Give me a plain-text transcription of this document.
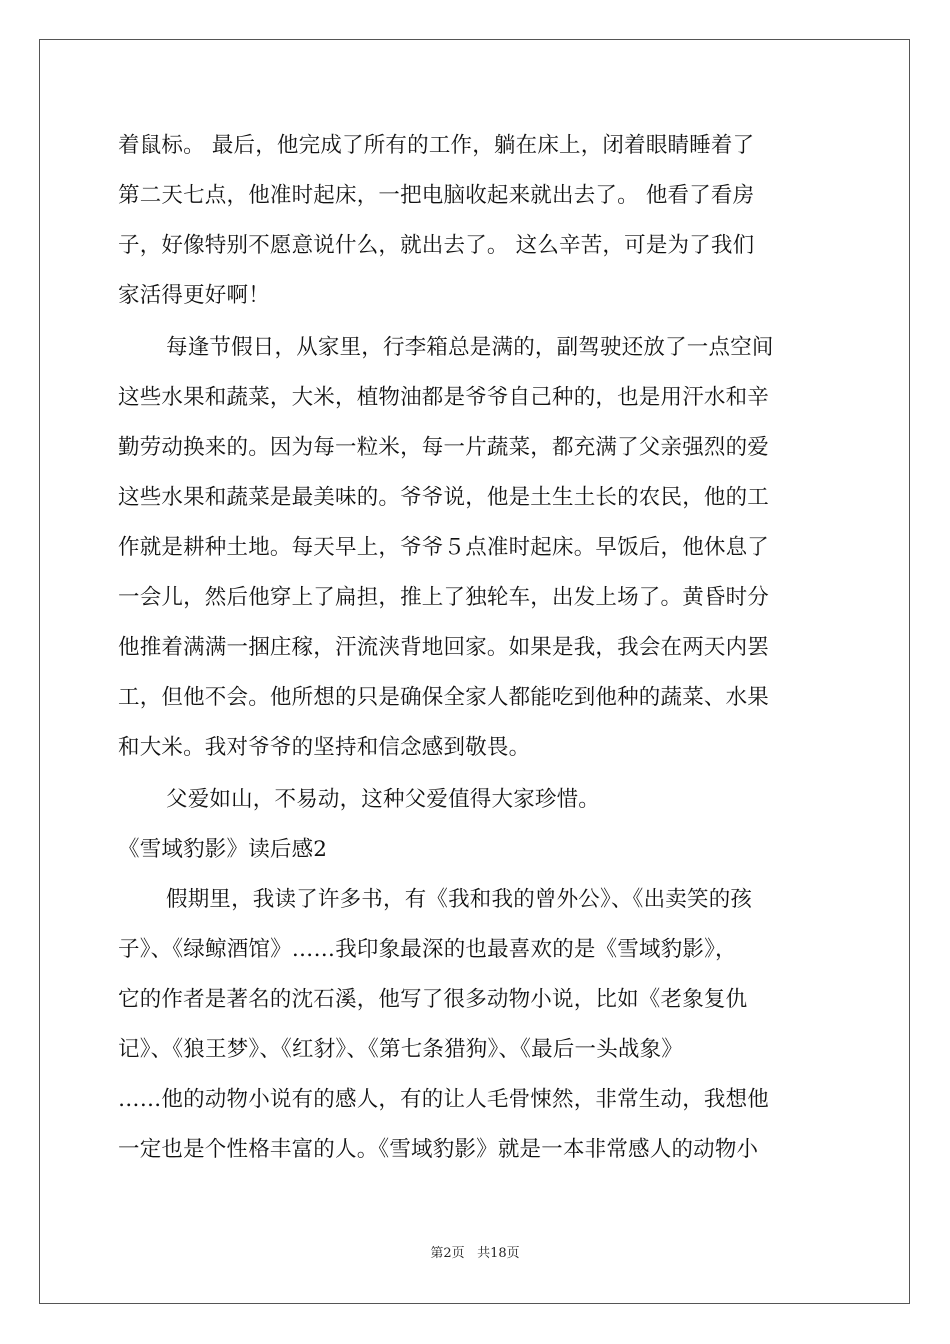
着鼠标。 最后，他完成了所有的工作，躺在床上，闭着眼睛睡着了
第二天七点，他准时起床，一把电脑收起来就出去了。 他看了看房
子，好像特别不愿意说什么，就出去了。 这么辛苦，可是为了我们
家活得更好啊！
每逢节假日，从家里，行李箱总是满的，副驾驶还放了一点空间
这些水果和蔬菜，大米，植物油都是爷爷自己种的，也是用汗水和辛
勤劳动换来的。因为每一粒米，每一片蔬菜，都充满了父亲强烈的爱
这些水果和蔬菜是最美味的。爷爷说，他是土生土长的农民，他的工
作就是耕种土地。每天早上，爷爷５点准时起床。早饭后，他休息了
一会儿，然后他穿上了扁担，推上了独轮车，出发上场了。黄昏时分
他推着满满一捆庄稼，汗流浃背地回家。如果是我，我会在两天内罢
工，但他不会。他所想的只是确保全家人都能吃到他种的蔬菜、水果
和大米。我对爷爷的坚持和信念感到敬畏。
父爱如山，不易动，这种父爱值得大家珍惜。
《雪域豹影》读后感2
假期里，我读了许多书，有《我和我的曾外公》、《出卖笑的孩
子》、《绿鲸酒馆》……我印象最深的也最喜欢的是《雪域豹影》，
它的作者是著名的沈石溪，他写了很多动物小说，比如《老象复仇
记》、《狼王梦》、《红豺》、《第七条猎狗》、《最后一头战象》
……他的动物小说有的感人，有的让人毛骨悚然，非常生动，我想他
一定也是个性格丰富的人。《雪域豹影》就是一本非常感人的动物小
第2页 共18页
